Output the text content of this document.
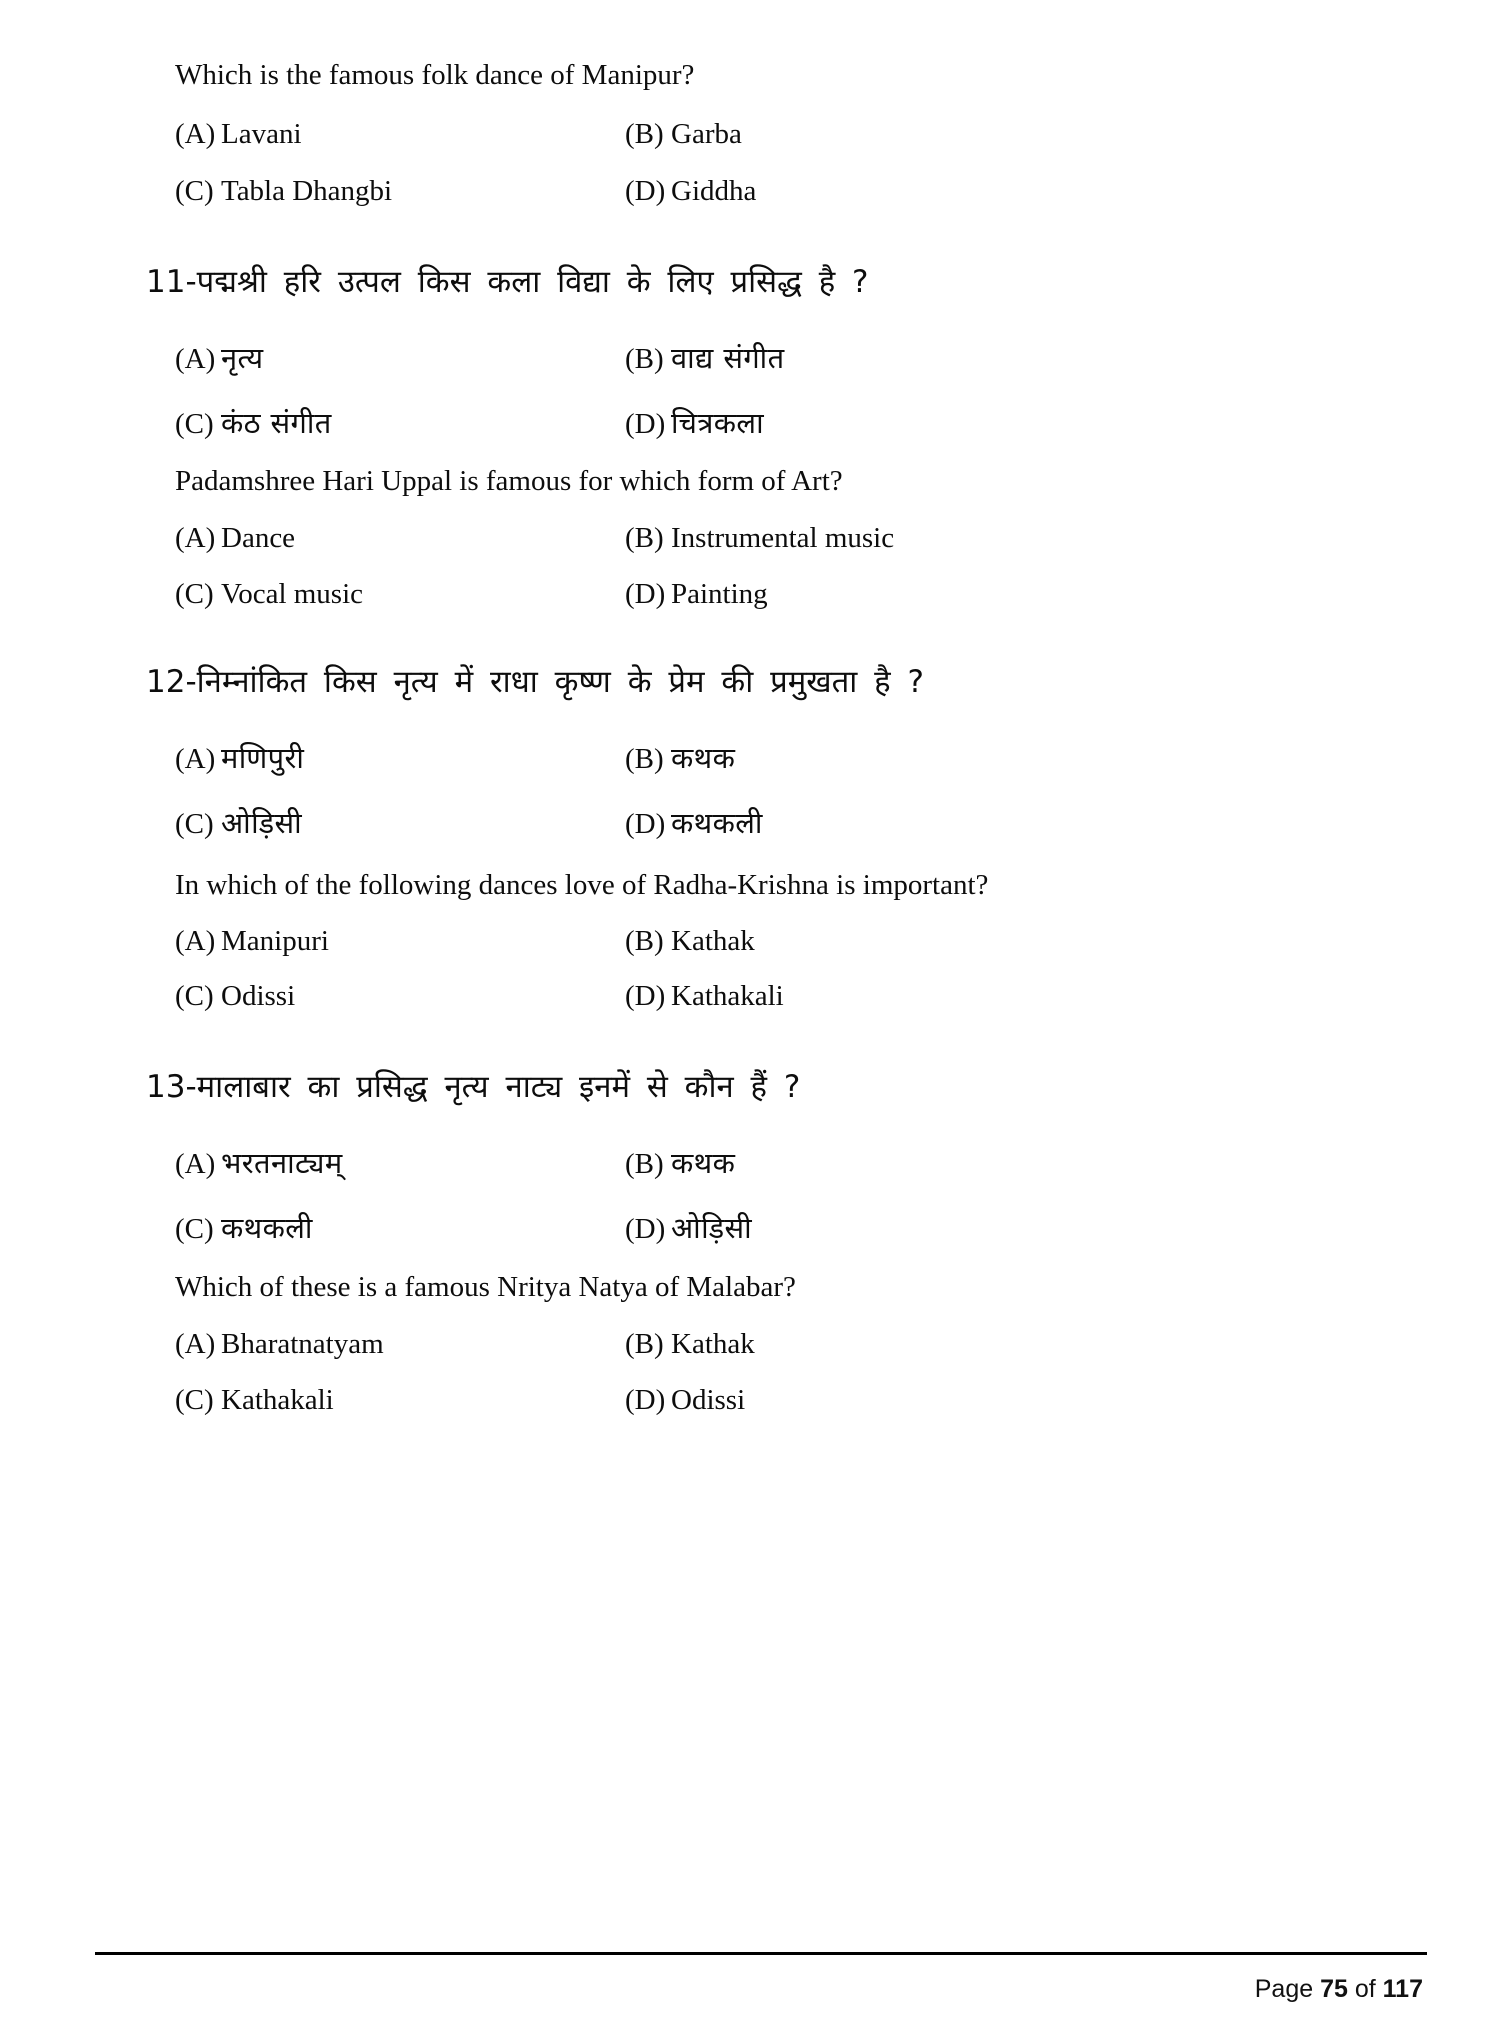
Which is the famous folk dance of Manipur?
(A) Lavani	(B) Garba
(C) Tabla Dhangbi	(D) Giddha
11-पद्मश्री हरि उत्पल किस कला विद्या के लिए प्रसिद्ध है ?
(A) नृत्य	(B) वाद्य संगीत
(C) कंठ संगीत	(D) चित्रकला
Padamshree Hari Uppal is famous for which form of Art?
(A) Dance	(B) Instrumental music
(C) Vocal music	(D) Painting
12-निम्नांकित किस नृत्य में राधा कृष्ण के प्रेम की प्रमुखता है ?
(A) मणिपुरी	(B) कथक
(C) ओड़िसी	(D) कथकली
In which of the following dances love of Radha-Krishna is important?
(A) Manipuri	(B) Kathak
(C) Odissi	(D) Kathakali
13-मालाबार का प्रसिद्ध नृत्य नाट्य इनमें से कौन हैं ?
(A) भरतनाट्यम्	(B) कथक
(C) कथकली	(D) ओड़िसी
Which of these is a famous Nritya Natya of Malabar?
(A) Bharatnatyam	(B) Kathak
(C) Kathakali	(D) Odissi
Page 75 of 117
